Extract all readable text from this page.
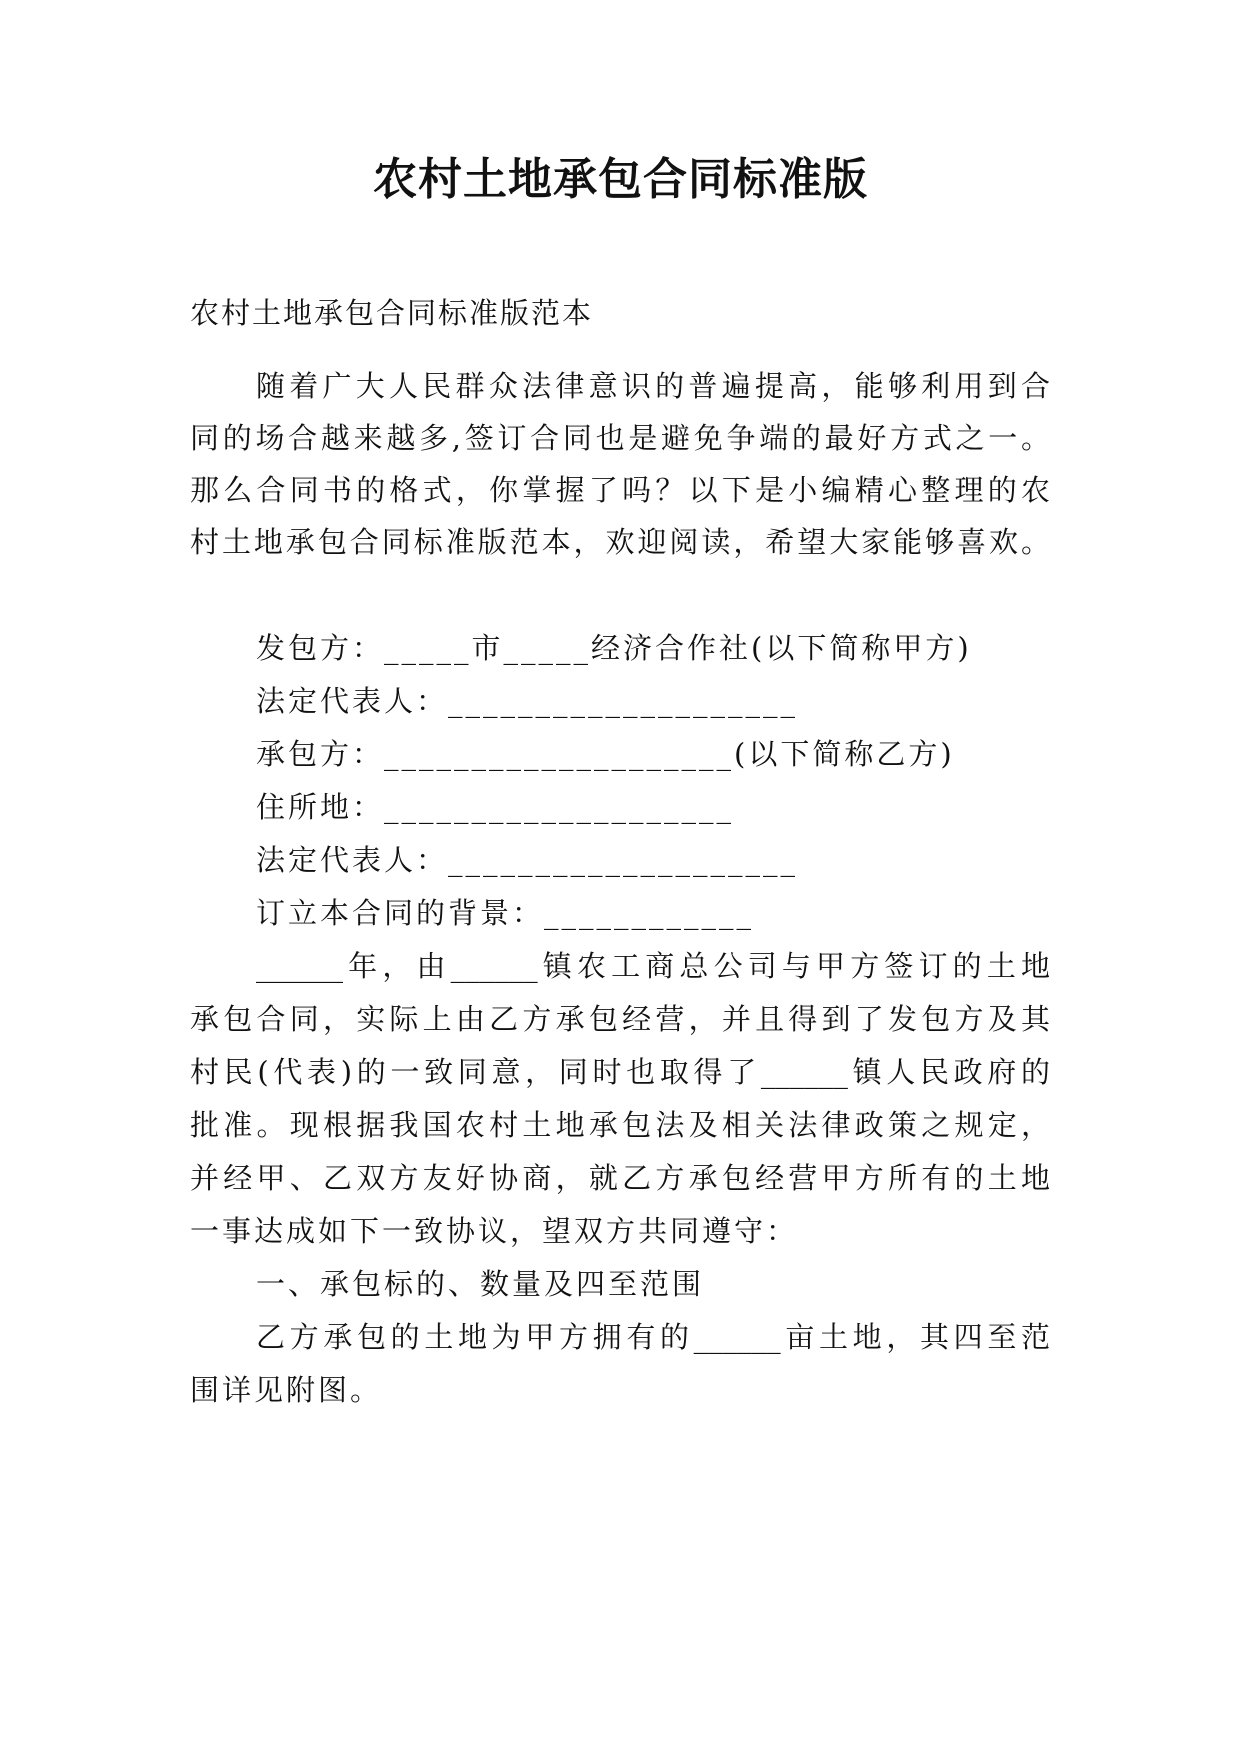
农村土地承包合同标准版

农村土地承包合同标准版范本

随着广大人民群众法律意识的普遍提高，能够利用到合

同的场合越来越多,签订合同也是避免争端的最好方式之一。

那么合同书的格式，你掌握了吗？以下是小编精心整理的农

村土地承包合同标准版范本，欢迎阅读，希望大家能够喜欢。

发包方：_____市_____经济合作社(以下简称甲方)

法定代表人：____________________

承包方：____________________(以下简称乙方)

住所地：____________________

法定代表人：____________________

订立本合同的背景：____________

______年，由______镇农工商总公司与甲方签订的土地

承包合同，实际上由乙方承包经营，并且得到了发包方及其

村民(代表)的一致同意，同时也取得了______镇人民政府的

批准。现根据我国农村土地承包法及相关法律政策之规定，

并经甲、乙双方友好协商，就乙方承包经营甲方所有的土地

一事达成如下一致协议，望双方共同遵守：

一、承包标的、数量及四至范围

乙方承包的土地为甲方拥有的______亩土地，其四至范

围详见附图。
